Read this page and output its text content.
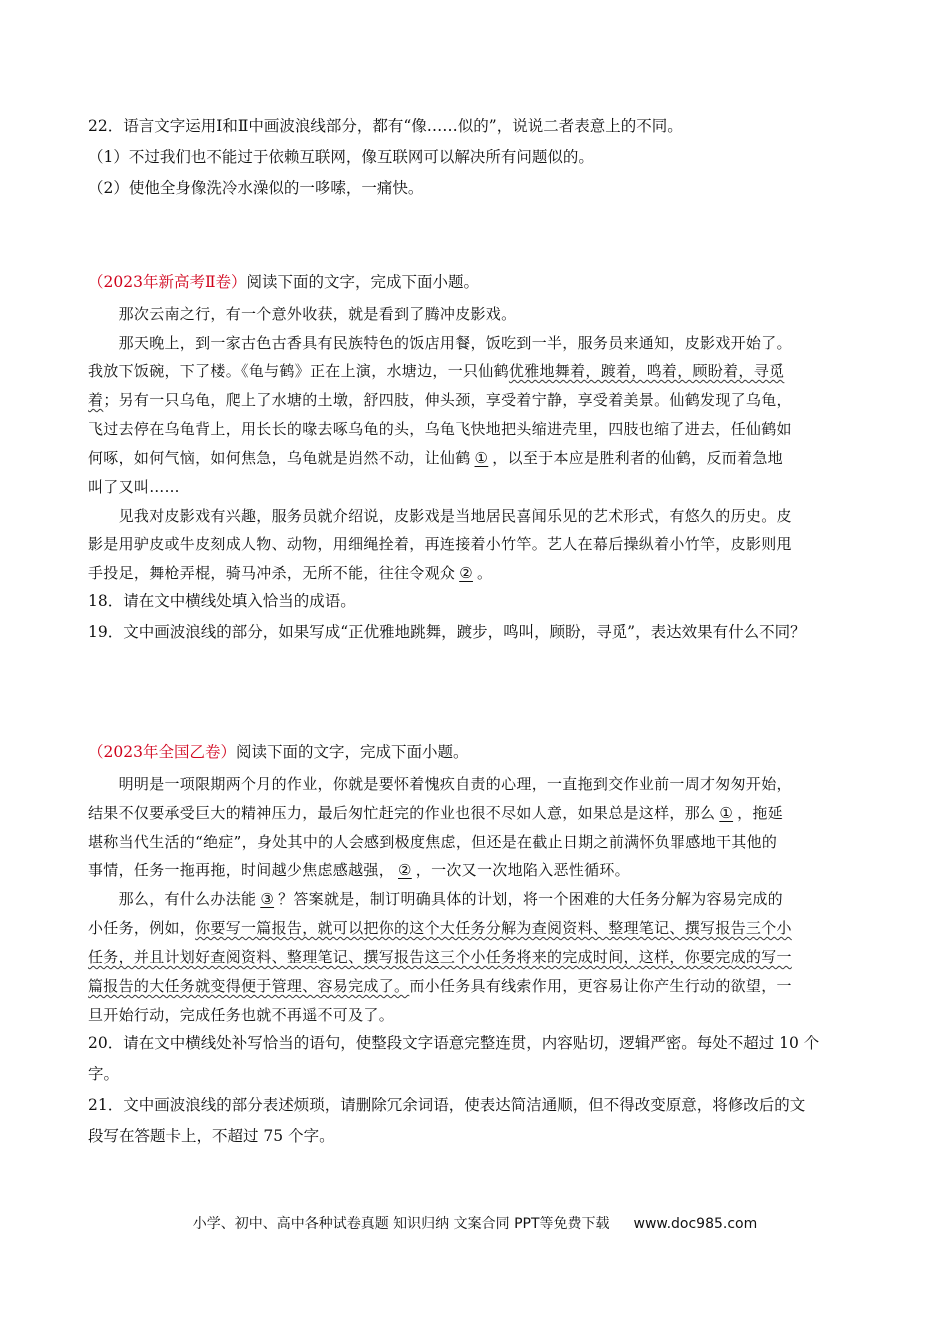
22．语言文字运用Ⅰ和Ⅱ中画波浪线部分，都有“像……似的”，说说二者表意上的不同。
（1）不过我们也不能过于依赖互联网，像互联网可以解决所有问题似的。
（2）使他全身像洗冷水澡似的一哆嗦，一痛快。
（2023年新高考Ⅱ卷）阅读下面的文字，完成下面小题。
　　那次云南之行，有一个意外收获，就是看到了腾冲皮影戏。
　　那天晚上，到一家古色古香具有民族特色的饭店用餐，饭吃到一半，服务员来通知，皮影戏开始了。
我放下饭碗，下了楼。《龟与鹤》正在上演，水塘边，一只仙鹤优雅地舞着，踱着，鸣着，顾盼着，寻觅
着；另有一只乌龟，爬上了水塘的土墩，舒四肢，伸头颈，享受着宁静，享受着美景。仙鹤发现了乌龟，
飞过去停在乌龟背上，用长长的喙去啄乌龟的头，乌龟飞快地把头缩进壳里，四肢也缩了进去，任仙鹤如
何啄，如何气恼，如何焦急，乌龟就是岿然不动，让仙鹤 ① ，以至于本应是胜利者的仙鹤，反而着急地
叫了又叫……
　　见我对皮影戏有兴趣，服务员就介绍说，皮影戏是当地居民喜闻乐见的艺术形式，有悠久的历史。皮
影是用驴皮或牛皮刻成人物、动物，用细绳拴着，再连接着小竹竿。艺人在幕后操纵着小竹竿，皮影则甩
手投足，舞枪弄棍，骑马冲杀，无所不能，往往令观众 ② 。
18．请在文中横线处填入恰当的成语。
19．文中画波浪线的部分，如果写成“正优雅地跳舞，踱步，鸣叫，顾盼，寻觅”，表达效果有什么不同？
（2023年全国乙卷）阅读下面的文字，完成下面小题。
　　明明是一项限期两个月的作业，你就是要怀着愧疚自责的心理，一直拖到交作业前一周才匆匆开始，
结果不仅要承受巨大的精神压力，最后匆忙赶完的作业也很不尽如人意，如果总是这样，那么 ① ，拖延
堪称当代生活的“绝症”，身处其中的人会感到极度焦虑，但还是在截止日期之前满怀负罪感地干其他的
事情，任务一拖再拖，时间越少焦虑感越强， ② ，一次又一次地陷入恶性循环。
　　那么，有什么办法能 ③ ？答案就是，制订明确具体的计划，将一个困难的大任务分解为容易完成的
小任务，例如，你要写一篇报告，就可以把你的这个大任务分解为查阅资料、整理笔记、撰写报告三个小
任务，并且计划好查阅资料、整理笔记、撰写报告这三个小任务将来的完成时间，这样，你要完成的写一
篇报告的大任务就变得便于管理、容易完成了。而小任务具有线索作用，更容易让你产生行动的欲望，一
旦开始行动，完成任务也就不再遥不可及了。
20．请在文中横线处补写恰当的语句，使整段文字语意完整连贯，内容贴切，逻辑严密。每处不超过 10 个
字。
21．文中画波浪线的部分表述烦琐，请删除冗余词语，使表达简洁通顺，但不得改变原意，将修改后的文
段写在答题卡上，不超过 75 个字。
小学、初中、高中各种试卷真题 知识归纳 文案合同 PPT等免费下载 www.doc985.com
